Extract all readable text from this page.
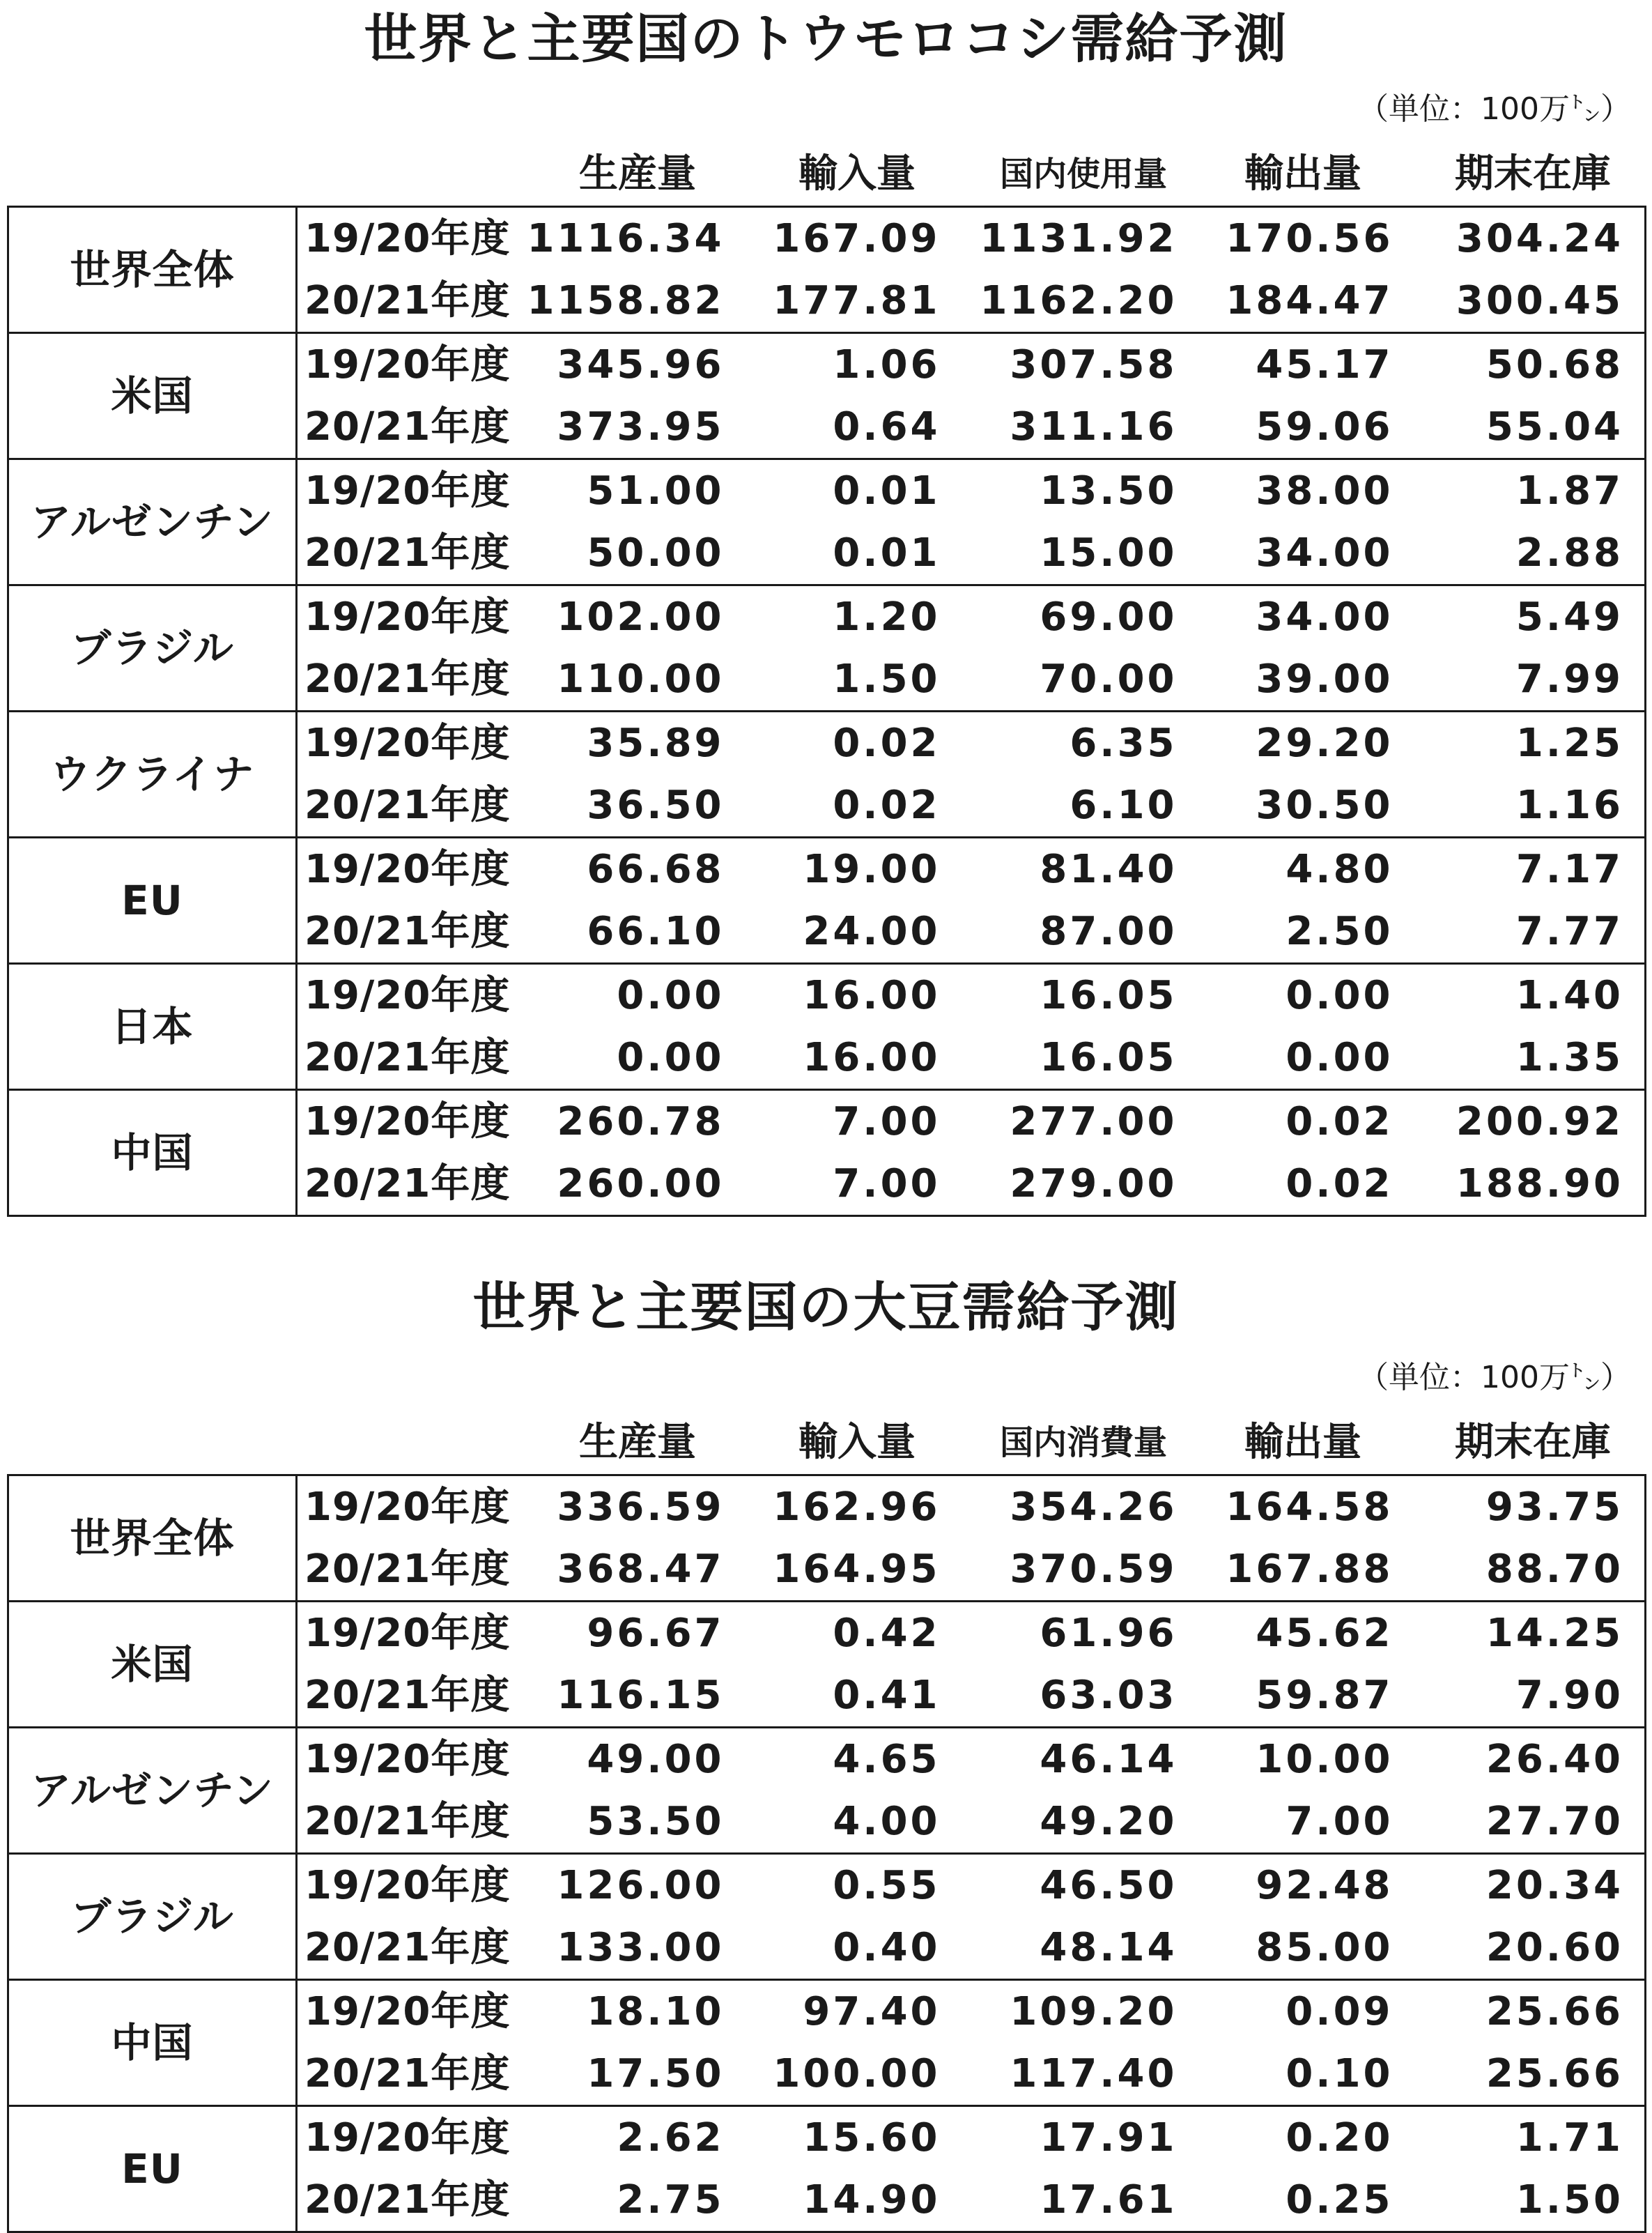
世界と主要国のトウモロコシ需給予測
（単位：100万㌧）
生産量	輸入量	国内使用量	輸出量	期末在庫
世界全体	19/20年度	1116.34	167.09	1131.92	170.56	304.24
	20/21年度	1158.82	177.81	1162.20	184.47	300.45
米国	19/20年度	345.96	1.06	307.58	45.17	50.68
	20/21年度	373.95	0.64	311.16	59.06	55.04
アルゼンチン	19/20年度	51.00	0.01	13.50	38.00	1.87
	20/21年度	50.00	0.01	15.00	34.00	2.88
ブラジル	19/20年度	102.00	1.20	69.00	34.00	5.49
	20/21年度	110.00	1.50	70.00	39.00	7.99
ウクライナ	19/20年度	35.89	0.02	6.35	29.20	1.25
	20/21年度	36.50	0.02	6.10	30.50	1.16
EU	19/20年度	66.68	19.00	81.40	4.80	7.17
	20/21年度	66.10	24.00	87.00	2.50	7.77
日本	19/20年度	0.00	16.00	16.05	0.00	1.40
	20/21年度	0.00	16.00	16.05	0.00	1.35
中国	19/20年度	260.78	7.00	277.00	0.02	200.92
	20/21年度	260.00	7.00	279.00	0.02	188.90
世界と主要国の大豆需給予測
（単位：100万㌧）
生産量	輸入量	国内消費量	輸出量	期末在庫
世界全体	19/20年度	336.59	162.96	354.26	164.58	93.75
	20/21年度	368.47	164.95	370.59	167.88	88.70
米国	19/20年度	96.67	0.42	61.96	45.62	14.25
	20/21年度	116.15	0.41	63.03	59.87	7.90
アルゼンチン	19/20年度	49.00	4.65	46.14	10.00	26.40
	20/21年度	53.50	4.00	49.20	7.00	27.70
ブラジル	19/20年度	126.00	0.55	46.50	92.48	20.34
	20/21年度	133.00	0.40	48.14	85.00	20.60
中国	19/20年度	18.10	97.40	109.20	0.09	25.66
	20/21年度	17.50	100.00	117.40	0.10	25.66
EU	19/20年度	2.62	15.60	17.91	0.20	1.71
	20/21年度	2.75	14.90	17.61	0.25	1.50
